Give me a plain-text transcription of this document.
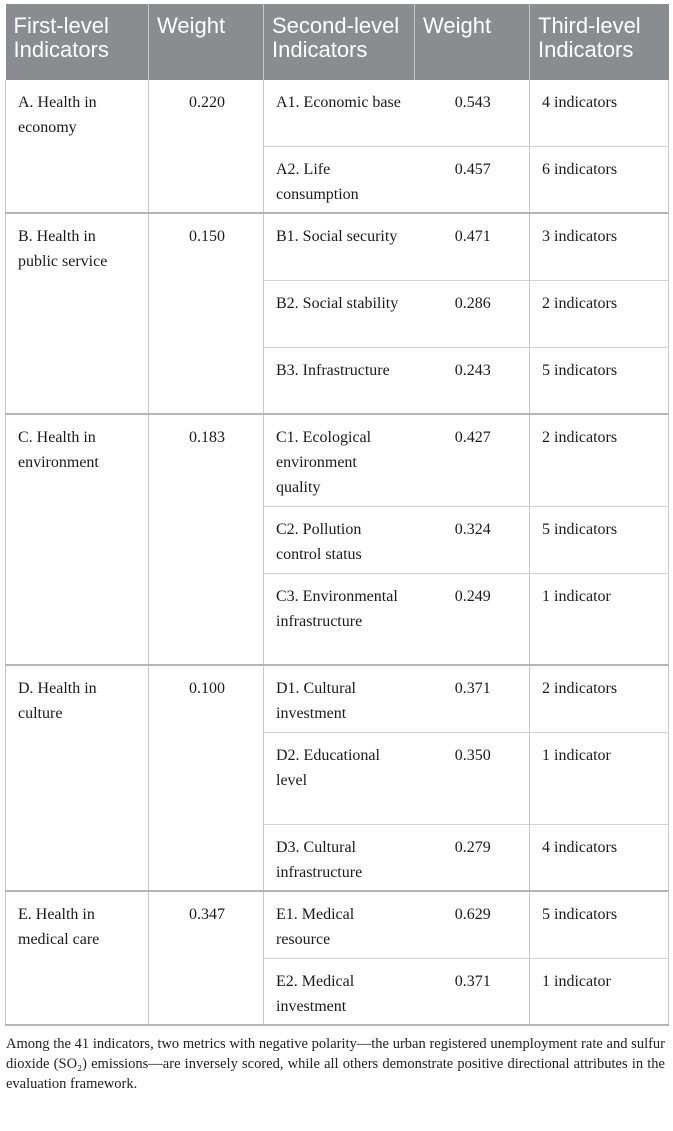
First-level Indicators	Weight	Second-level Indicators	Weight	Third-level Indicators
A. Health in economy	0.220	A1. Economic base	0.543	4 indicators
		A2. Life consumption	0.457	6 indicators
B. Health in public service	0.150	B1. Social security	0.471	3 indicators
		B2. Social stability	0.286	2 indicators
		B3. Infrastructure	0.243	5 indicators
C. Health in environment	0.183	C1. Ecological environment quality	0.427	2 indicators
		C2. Pollution control status	0.324	5 indicators
		C3. Environmental infrastructure	0.249	1 indicator
D. Health in culture	0.100	D1. Cultural investment	0.371	2 indicators
		D2. Educational level	0.350	1 indicator
		D3. Cultural infrastructure	0.279	4 indicators
E. Health in medical care	0.347	E1. Medical resource	0.629	5 indicators
		E2. Medical investment	0.371	1 indicator

Among the 41 indicators, two metrics with negative polarity—the urban registered unemployment rate and sulfur dioxide (SO₂) emissions—are inversely scored, while all others demonstrate positive directional attributes in the evaluation framework.
